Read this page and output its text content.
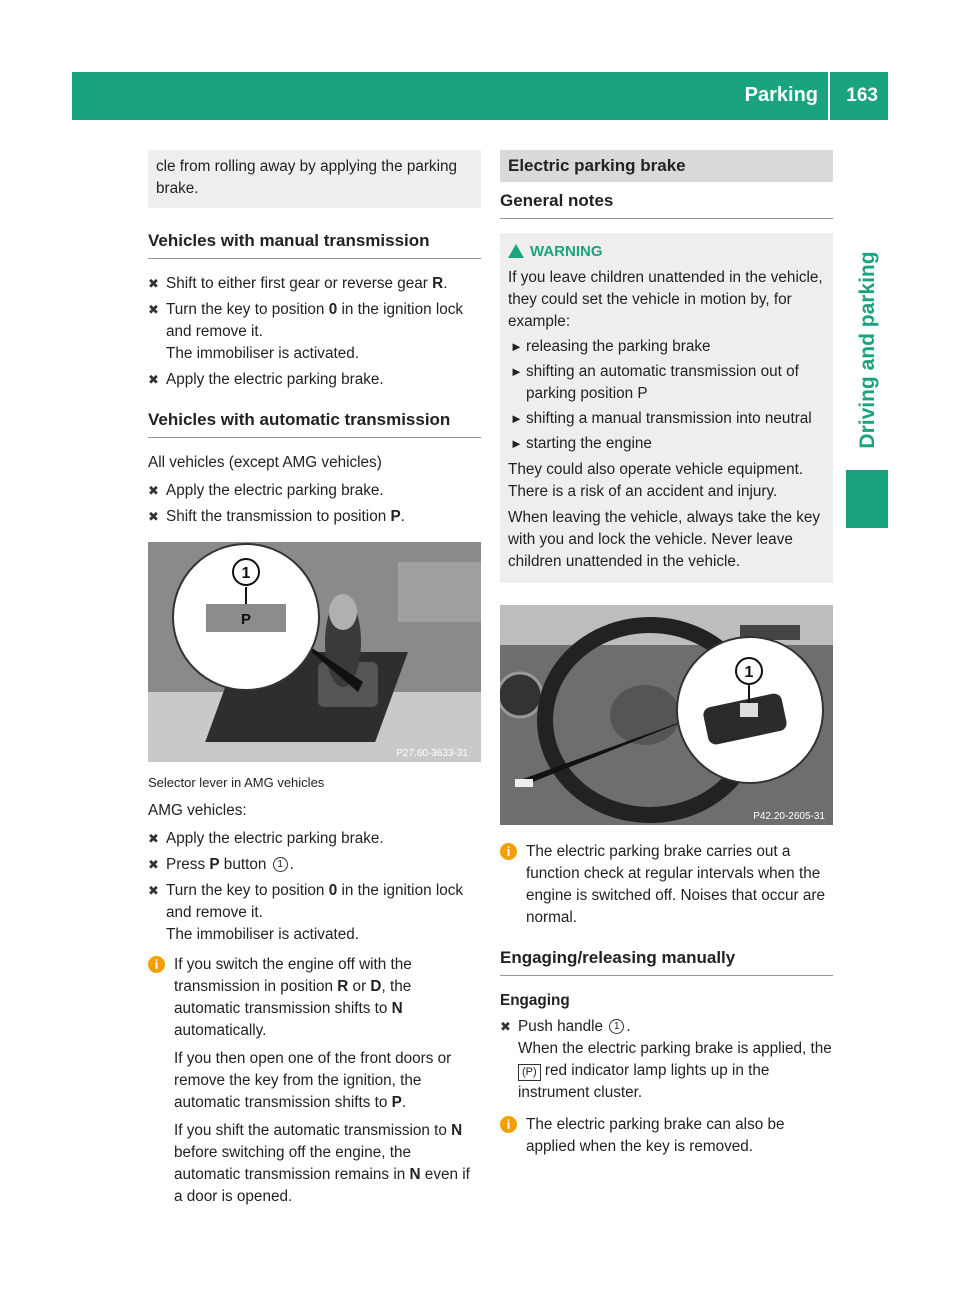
Parking 163
Driving and parking
cle from rolling away by applying the parking brake.
Vehicles with manual transmission
✖ Shift to either first gear or reverse gear R.
✖ Turn the key to position 0 in the ignition lock and remove it.
The immobiliser is activated.
✖ Apply the electric parking brake.
Vehicles with automatic transmission
All vehicles (except AMG vehicles)
✖ Apply the electric parking brake.
✖ Shift the transmission to position P.
1
P
P27.60-3633-31
Selector lever in AMG vehicles
AMG vehicles:
✖ Apply the electric parking brake.
✖ Press P button 1 .
✖ Turn the key to position 0 in the ignition lock and remove it.
The immobiliser is activated.
i	If you switch the engine off with the transmission in position R or D, the automatic transmission shifts to N automatically.

If you then open one of the front doors or remove the key from the ignition, the automatic transmission shifts to P.

If you shift the automatic transmission to N before switching off the engine, the automatic transmission remains in N even if a door is opened.

Electric parking brake
General notes
WARNING
If you leave children unattended in the vehicle, they could set the vehicle in motion by, for example:
► releasing the parking brake
► shifting an automatic transmission out of parking position P
► shifting a manual transmission into neutral
► starting the engine
They could also operate vehicle equipment. There is a risk of an accident and injury.
When leaving the vehicle, always take the key with you and lock the vehicle. Never leave children unattended in the vehicle.
1
P42.20-2605-31
i	The electric parking brake carries out a function check at regular intervals when the engine is switched off. Noises that occur are normal.
Engaging/releasing manually
Engaging
✖ Push handle 1 .
When the electric parking brake is applied, the (P) red indicator lamp lights up in the instrument cluster.
i	The electric parking brake can also be applied when the key is removed.
